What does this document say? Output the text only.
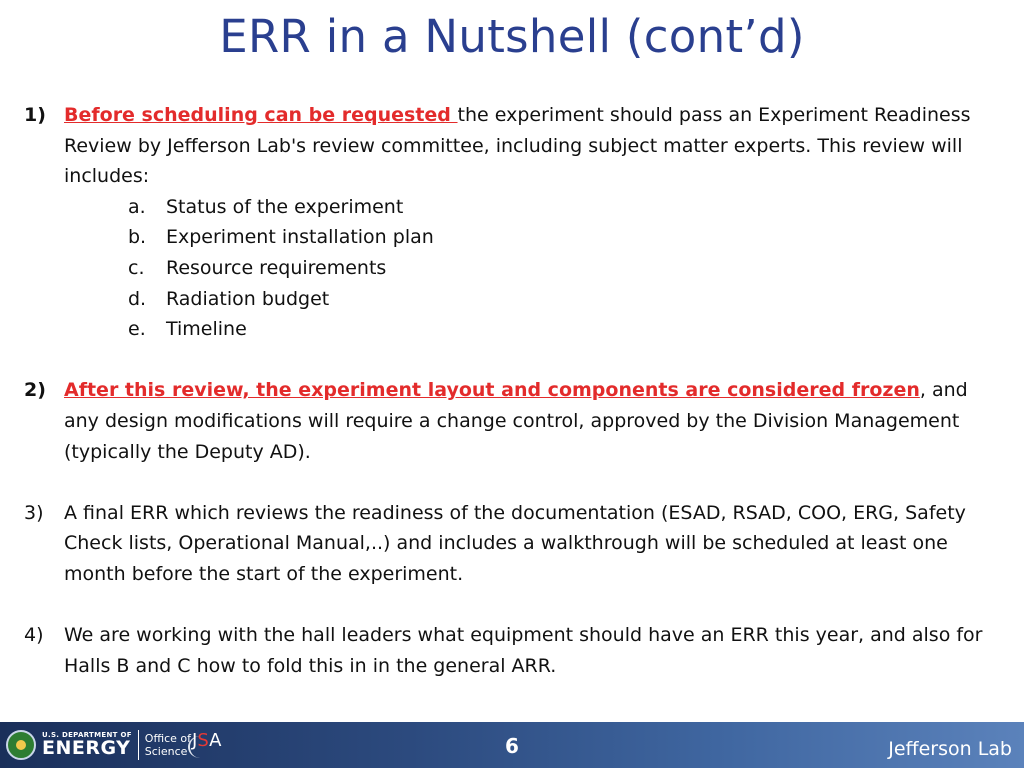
ERR in a Nutshell (cont’d)
1) Before scheduling can be requested the experiment should pass an Experiment Readiness Review by Jefferson Lab's review committee, including subject matter experts. This review will includes:
a. Status of the experiment
b. Experiment installation plan
c. Resource requirements
d. Radiation budget
e. Timeline
2) After this review, the experiment layout and components are considered frozen, and any design modifications will require a change control, approved by the Division Management (typically the Deputy AD).
3) A final ERR which reviews the readiness of the documentation (ESAD, RSAD, COO, ERG, Safety Check lists, Operational Manual,..) and includes a walkthrough will be scheduled at least one month before the start of the experiment.
4) We are working with the hall leaders what equipment should have an ERR this year, and also for Halls B and C how to fold this in in the general ARR.
U.S. DEPARTMENT OF
ENERGY Office of
Science
JSA	6	Jefferson Lab
